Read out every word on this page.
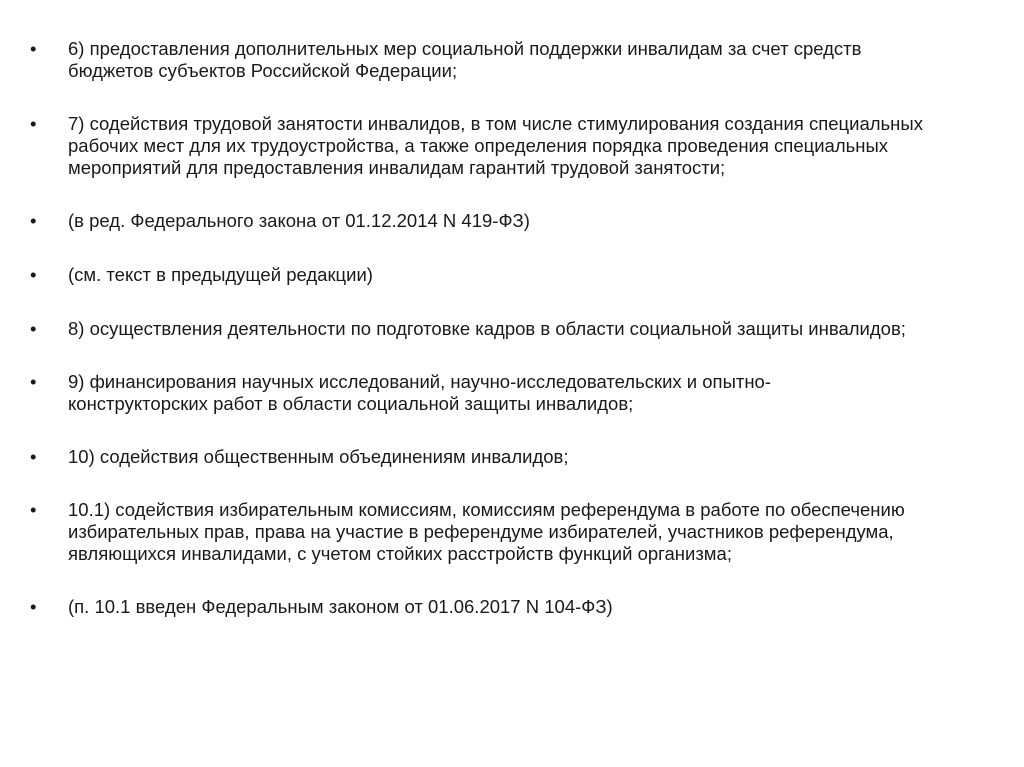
•	6) предоставления дополнительных мер социальной поддержки инвалидам за счет средств бюджетов субъектов Российской Федерации;
•	7) содействия трудовой занятости инвалидов, в том числе стимулирования создания специальных рабочих мест для их трудоустройства, а также определения порядка проведения специальных мероприятий для предоставления инвалидам гарантий трудовой занятости;
•	(в ред. Федерального закона от 01.12.2014 N 419-ФЗ)
•	(см. текст в предыдущей редакции)
•	8) осуществления деятельности по подготовке кадров в области социальной защиты инвалидов;
•	9) финансирования научных исследований, научно-исследовательских и опытно-конструкторских работ в области социальной защиты инвалидов;
•	10) содействия общественным объединениям инвалидов;
•	10.1) содействия избирательным комиссиям, комиссиям референдума в работе по обеспечению избирательных прав, права на участие в референдуме избирателей, участников референдума, являющихся инвалидами, с учетом стойких расстройств функций организма;
•	(п. 10.1 введен Федеральным законом от 01.06.2017 N 104-ФЗ)
